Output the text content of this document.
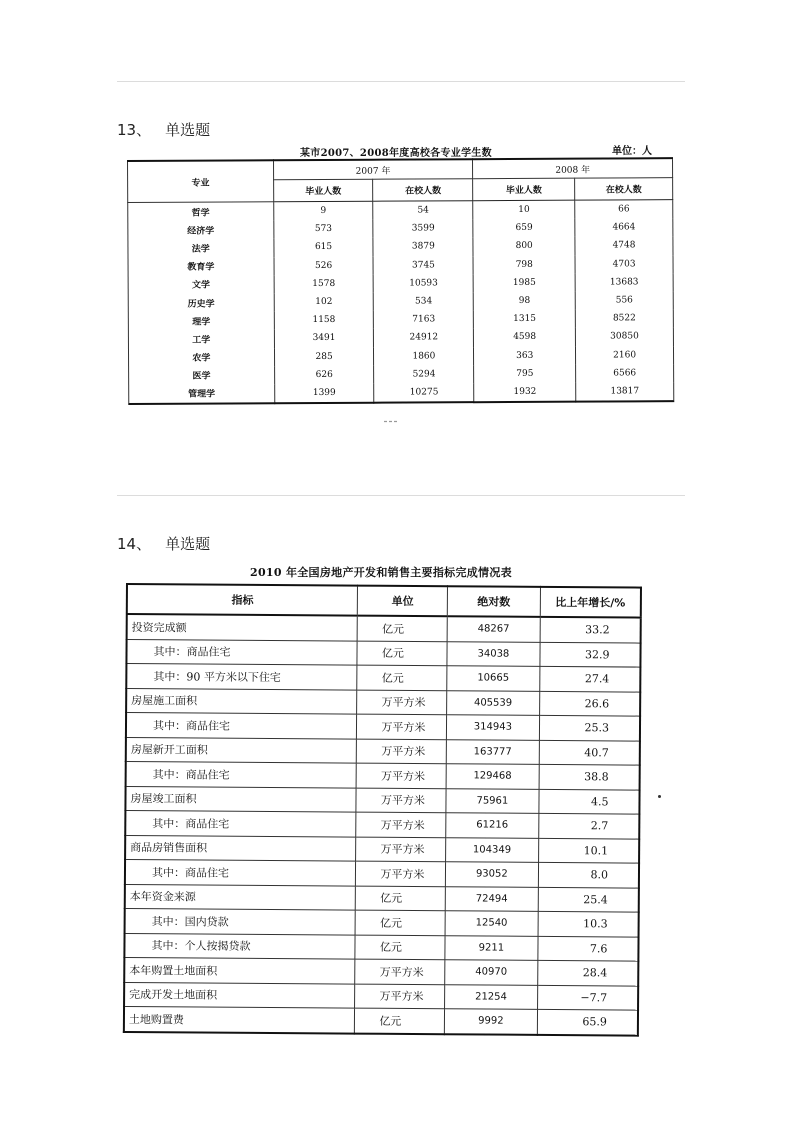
13、 单选题
某市2007、2008年度高校各专业学生数	单位：人
专业	2007 年		2008 年	
	毕业人数	在校人数	毕业人数	在校人数
哲学	9	54	10	66
经济学	573	3599	659	4664
法学	615	3879	800	4748
教育学	526	3745	798	4703
文学	1578	10593	1985	13683
历史学	102	534	98	556
理学	1158	7163	1315	8522
工学	3491	24912	4598	30850
农学	285	1860	363	2160
医学	626	5294	795	6566
管理学	1399	10275	1932	13817
14、 单选题
2010 年全国房地产开发和销售主要指标完成情况表
指标	单位	绝对数	比上年增长/%
投资完成额	亿元	48267	33.2
其中：商品住宅	亿元	34038	32.9
其中：90 平方米以下住宅	亿元	10665	27.4
房屋施工面积	万平方米	405539	26.6
其中：商品住宅	万平方米	314943	25.3
房屋新开工面积	万平方米	163777	40.7
其中：商品住宅	万平方米	129468	38.8
房屋竣工面积	万平方米	75961	4.5
其中：商品住宅	万平方米	61216	2.7
商品房销售面积	万平方米	104349	10.1
其中：商品住宅	万平方米	93052	8.0
本年资金来源	亿元	72494	25.4
其中：国内贷款	亿元	12540	10.3
其中：个人按揭贷款	亿元	9211	7.6
本年购置土地面积	万平方米	40970	28.4
完成开发土地面积	万平方米	21254	−7.7
土地购置费	亿元	9992	65.9
